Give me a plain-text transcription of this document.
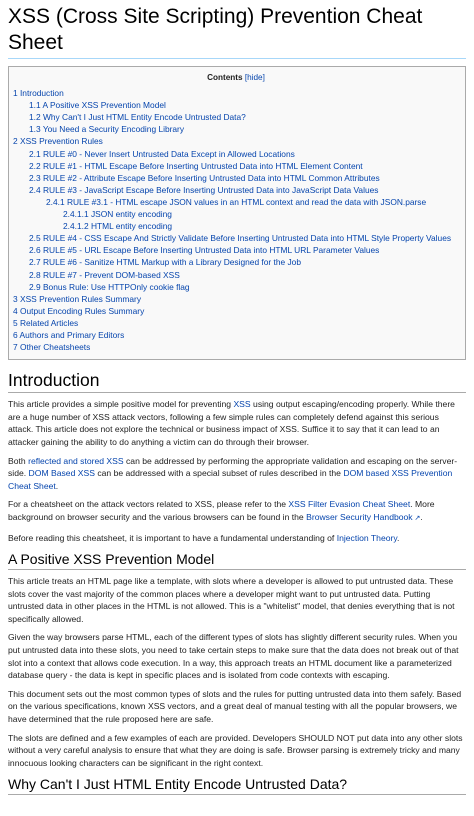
XSS (Cross Site Scripting) Prevention Cheat Sheet
Contents [hide]
1 Introduction
1.1 A Positive XSS Prevention Model
1.2 Why Can't I Just HTML Entity Encode Untrusted Data?
1.3 You Need a Security Encoding Library
2 XSS Prevention Rules
2.1 RULE #0 - Never Insert Untrusted Data Except in Allowed Locations
2.2 RULE #1 - HTML Escape Before Inserting Untrusted Data into HTML Element Content
2.3 RULE #2 - Attribute Escape Before Inserting Untrusted Data into HTML Common Attributes
2.4 RULE #3 - JavaScript Escape Before Inserting Untrusted Data into JavaScript Data Values
2.4.1 RULE #3.1 - HTML escape JSON values in an HTML context and read the data with JSON.parse
2.4.1.1 JSON entity encoding
2.4.1.2 HTML entity encoding
2.5 RULE #4 - CSS Escape And Strictly Validate Before Inserting Untrusted Data into HTML Style Property Values
2.6 RULE #5 - URL Escape Before Inserting Untrusted Data into HTML URL Parameter Values
2.7 RULE #6 - Sanitize HTML Markup with a Library Designed for the Job
2.8 RULE #7 - Prevent DOM-based XSS
2.9 Bonus Rule: Use HTTPOnly cookie flag
3 XSS Prevention Rules Summary
4 Output Encoding Rules Summary
5 Related Articles
6 Authors and Primary Editors
7 Other Cheatsheets
Introduction

This article provides a simple positive model for preventing XSS using output escaping/encoding properly. While there are a huge number of XSS attack vectors, following a few simple rules can completely defend against this serious attack. This article does not explore the technical or business impact of XSS. Suffice it to say that it can lead to an attacker gaining the ability to do anything a victim can do through their browser.

Both reflected and stored XSS can be addressed by performing the appropriate validation and escaping on the server-side. DOM Based XSS can be addressed with a special subset of rules described in the DOM based XSS Prevention Cheat Sheet.

For a cheatsheet on the attack vectors related to XSS, please refer to the XSS Filter Evasion Cheat Sheet. More background on browser security and the various browsers can be found in the Browser Security Handbook ↗.

Before reading this cheatsheet, it is important to have a fundamental understanding of Injection Theory.

A Positive XSS Prevention Model

This article treats an HTML page like a template, with slots where a developer is allowed to put untrusted data. These slots cover the vast majority of the common places where a developer might want to put untrusted data. Putting untrusted data in other places in the HTML is not allowed. This is a "whitelist" model, that denies everything that is not specifically allowed.

Given the way browsers parse HTML, each of the different types of slots has slightly different security rules. When you put untrusted data into these slots, you need to take certain steps to make sure that the data does not break out of that slot into a context that allows code execution. In a way, this approach treats an HTML document like a parameterized database query - the data is kept in specific places and is isolated from code contexts with escaping.

This document sets out the most common types of slots and the rules for putting untrusted data into them safely. Based on the various specifications, known XSS vectors, and a great deal of manual testing with all the popular browsers, we have determined that the rule proposed here are safe.

The slots are defined and a few examples of each are provided. Developers SHOULD NOT put data into any other slots without a very careful analysis to ensure that what they are doing is safe. Browser parsing is extremely tricky and many innocuous looking characters can be significant in the right context.

Why Can't I Just HTML Entity Encode Untrusted Data?
